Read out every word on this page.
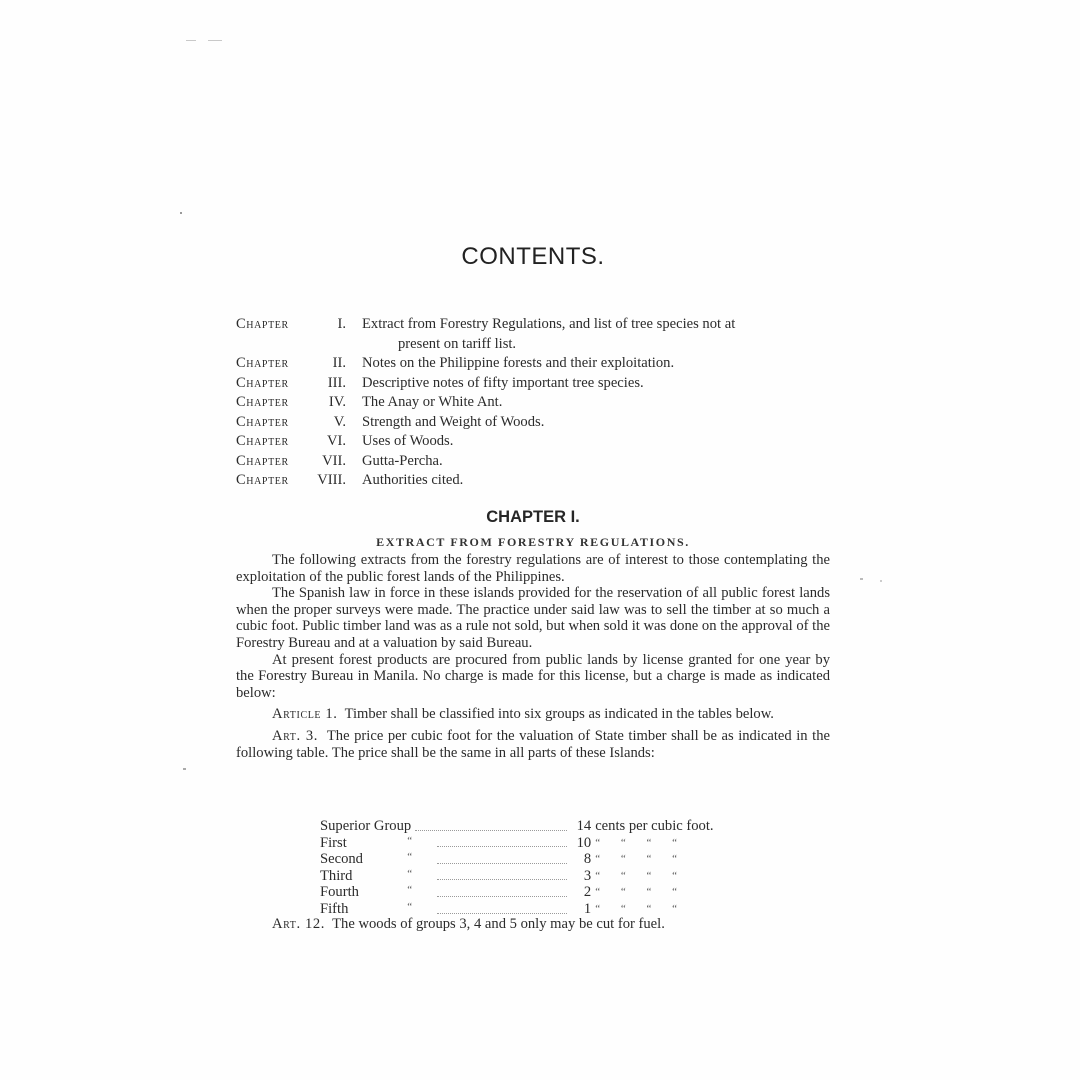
CONTENTS.
Chapter	I.	Extract from Forestry Regulations, and list of tree species not at
present on tariff list.
Chapter	II.	Notes on the Philippine forests and their exploitation.
Chapter	III.	Descriptive notes of fifty important tree species.
Chapter	IV.	The Anay or White Ant.
Chapter	V.	Strength and Weight of Woods.
Chapter	VI.	Uses of Woods.
Chapter	VII.	Gutta-Percha.
Chapter	VIII.	Authorities cited.
CHAPTER I.
EXTRACT FROM FORESTRY REGULATIONS.

The following extracts from the forestry regulations are of interest to those contemplating the exploitation of the public forest lands of the Philippines.

The Spanish law in force in these islands provided for the reservation of all public forest lands when the proper surveys were made. The practice under said law was to sell the timber at so much a cubic foot. Public timber land was as a rule not sold, but when sold it was done on the approval of the Forestry Bureau and at a valuation by said Bureau.

At present forest products are procured from public lands by license granted for one year by the Forestry Bureau in Manila. No charge is made for this license, but a charge is made as indicated below:

Article 1. Timber shall be classified into six groups as indicated in the tables below.

Art. 3. The price per cubic foot for the valuation of State timber shall be as indicated in the following table. The price shall be the same in all parts of these Islands:

Superior Group		14	cents per cubic foot.
First	“	10	“ “ “ “
Second	“	8	“ “ “ “
Third	“	3	“ “ “ “
Fourth	“	2	“ “ “ “
Fifth	“	1	“ “ “ “

Art. 12. The woods of groups 3, 4 and 5 only may be cut for fuel.
